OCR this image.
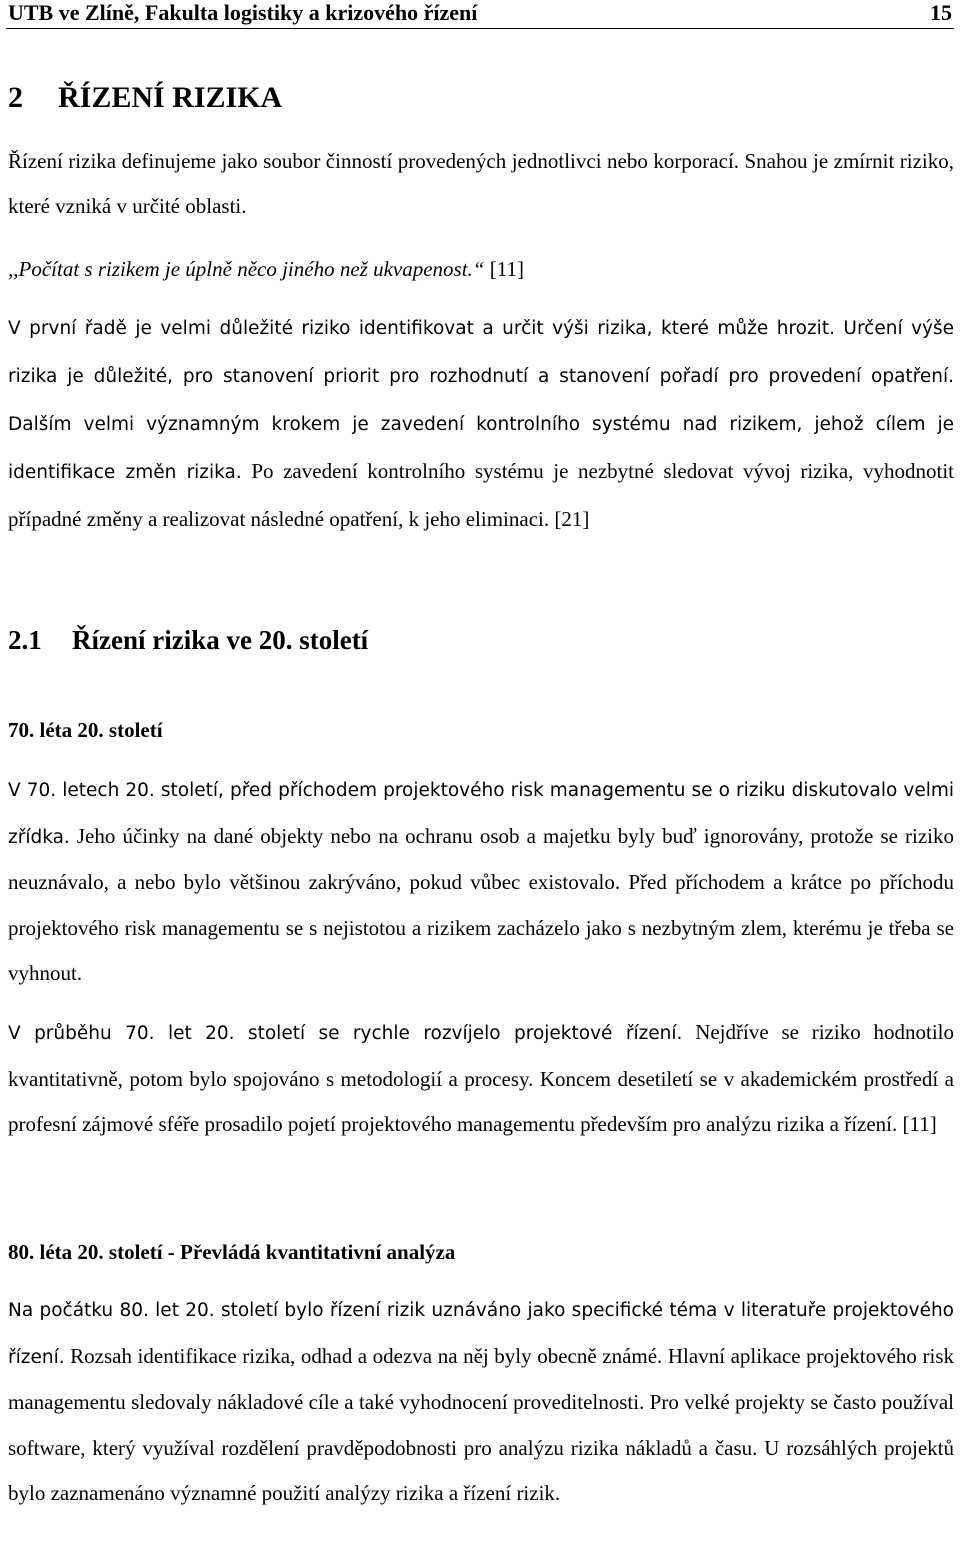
UTB ve Zlíně, Fakulta logistiky a krizového řízení	15
2 ŘÍZENÍ RIZIKA

Řízení rizika definujeme jako soubor činností provedených jednotlivci nebo korporací. Snahou je zmírnit riziko, které vzniká v určité oblasti.

,,Počítat s rizikem je úplně něco jiného než ukvapenost.“ [11]

V první řadě je velmi důležité riziko identifikovat a určit výši rizika, které může hrozit. Určení výše rizika je důležité, pro stanovení priorit pro rozhodnutí a stanovení pořadí pro provedení opatření. Dalším velmi významným krokem je zavedení kontrolního systému nad rizikem, jehož cílem je identifikace změn rizika. Po zavedení kontrolního systému je nezbytné sledovat vývoj rizika, vyhodnotit případné změny a realizovat následné opatření, k jeho eliminaci. [21]

2.1 Řízení rizika ve 20. století
70. léta 20. století

V 70. letech 20. století, před příchodem projektového risk managementu se o riziku diskutovalo velmi zřídka. Jeho účinky na dané objekty nebo na ochranu osob a majetku byly buď ignorovány, protože se riziko neuznávalo, a nebo bylo většinou zakrýváno, pokud vůbec existovalo. Před příchodem a krátce po příchodu projektového risk managementu se s nejistotou a rizikem zacházelo jako s nezbytným zlem, kterému je třeba se vyhnout.

V průběhu 70. let 20. století se rychle rozvíjelo projektové řízení. Nejdříve se riziko hodnotilo kvantitativně, potom bylo spojováno s metodologií a procesy. Koncem desetiletí se v akademickém prostředí a profesní zájmové sféře prosadilo pojetí projektového managementu především pro analýzu rizika a řízení. [11]

80. léta 20. století - Převládá kvantitativní analýza

Na počátku 80. let 20. století bylo řízení rizik uznáváno jako specifické téma v literatuře projektového řízení. Rozsah identifikace rizika, odhad a odezva na něj byly obecně známé. Hlavní aplikace projektového risk managementu sledovaly nákladové cíle a také vyhodnocení proveditelnosti. Pro velké projekty se často používal software, který využíval rozdělení pravděpodobnosti pro analýzu rizika nákladů a času. U rozsáhlých projektů bylo zaznamenáno významné použití analýzy rizika a řízení rizik.
